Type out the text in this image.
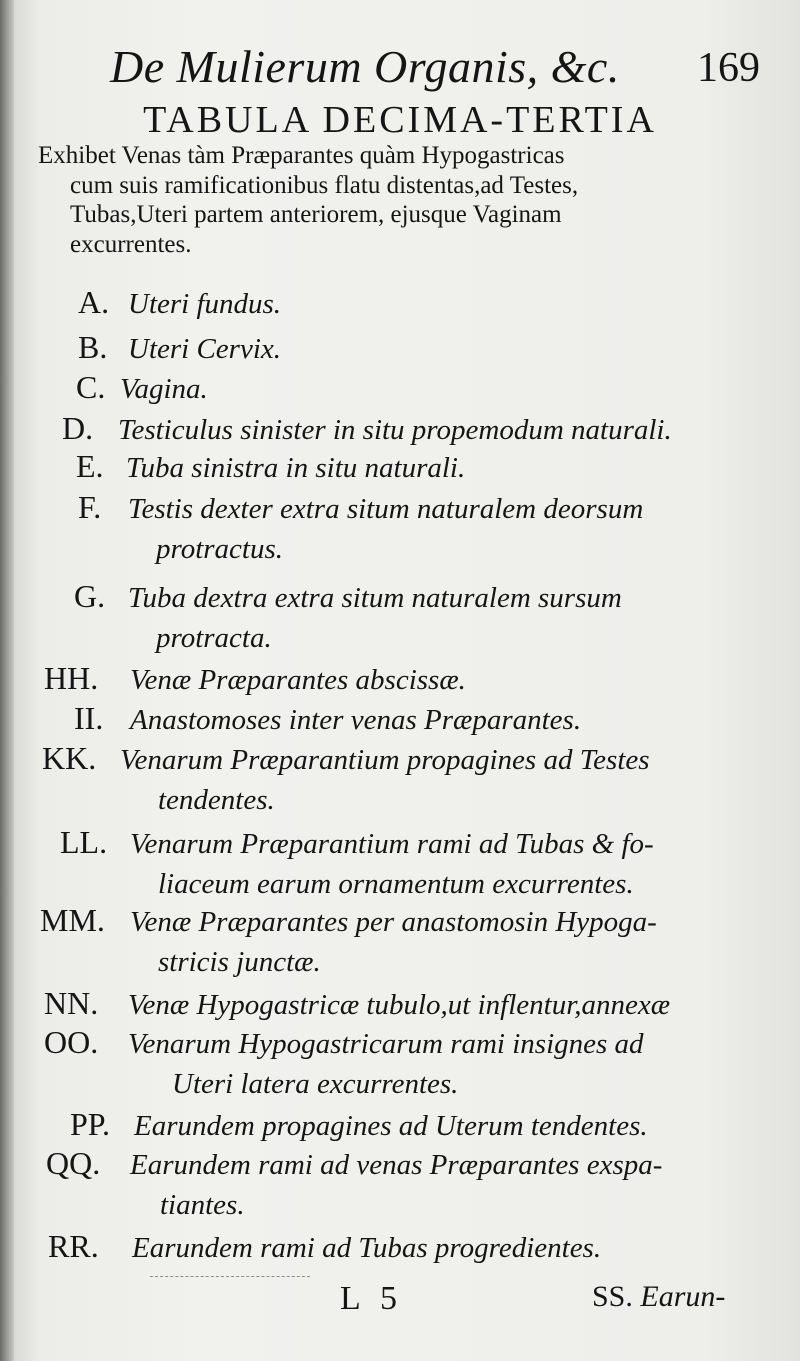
De Mulierum Organis, &c. 169
TABULA DECIMA-TERTIA
Exhibet Venas tàm Præparantes quàm Hypogastricas
cum suis ramificationibus flatu distentas,ad Testes,
Tubas,Uteri partem anteriorem, ejusque Vaginam
excurrentes.
A. Uteri fundus.
B. Uteri Cervix.
C. Vagina.
D. Testiculus sinister in situ propemodum naturali.
E. Tuba sinistra in situ naturali.
F. Testis dexter extra situm naturalem deorsum
protractus.
G. Tuba dextra extra situm naturalem sursum
protracta.
HH. Venæ Præparantes abscissæ.
II. Anastomoses inter venas Præparantes.
KK. Venarum Præparantium propagines ad Testes
tendentes.
LL. Venarum Præparantium rami ad Tubas & fo-
liaceum earum ornamentum excurrentes.
MM. Venæ Præparantes per anastomosin Hypoga-
stricis junctæ.
NN. Venæ Hypogastricæ tubulo,ut inflentur,annexæ
OO. Venarum Hypogastricarum rami insignes ad
Uteri latera excurrentes.
PP. Earundem propagines ad Uterum tendentes.
QQ. Earundem rami ad venas Præparantes exspa-
tiantes.
RR. Earundem rami ad Tubas progredientes.
L 5	SS. Earun-
